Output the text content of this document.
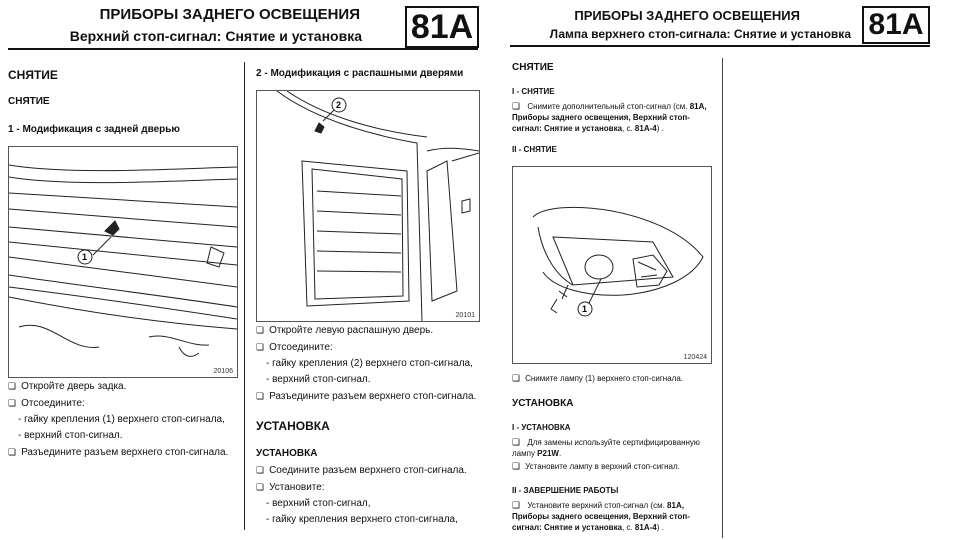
ПРИБОРЫ ЗАДНЕГО ОСВЕЩЕНИЯ
Верхний стоп-сигнал: Снятие и установка 81A
СНЯТИЕ
СНЯТИЕ
1 - Модификация с задней дверью
1
20106
❏ Откройте дверь задка.
❏ Отсоедините:
- гайку крепления (1) верхнего стоп-сигнала,
- верхний стоп-сигнал.
❏ Разъедините разъем верхнего стоп-сигнала.
2 - Модификация с распашными дверями
2
20101
❏ Откройте левую распашную дверь.
❏ Отсоедините:
- гайку крепления (2) верхнего стоп-сигнала,
- верхний стоп-сигнал.
❏ Разъедините разъем верхнего стоп-сигнала.
УСТАНОВКА
УСТАНОВКА
❏ Соедините разъем верхнего стоп-сигнала.
❏ Установите:
- верхний стоп-сигнал,
- гайку крепления верхнего стоп-сигнала,
ПРИБОРЫ ЗАДНЕГО ОСВЕЩЕНИЯ
Лампа верхнего стоп-сигнала: Снятие и установка 81A
СНЯТИЕ
I - СНЯТИЕ
❏ Снимите дополнительный стоп-сигнал (см. 81A, Приборы заднего освещения, Верхний стоп-сигнал: Снятие и установка, с. 81A-4) .
II - СНЯТИЕ
1
120424
❏ Снимите лампу (1) верхнего стоп-сигнала.
УСТАНОВКА
I - УСТАНОВКА
❏ Для замены используйте сертифицированную лампу P21W.
❏ Установите лампу в верхний стоп-сигнал.
II - ЗАВЕРШЕНИЕ РАБОТЫ
❏ Установите верхний стоп-сигнал (см. 81A, Приборы заднего освещения, Верхний стоп-сигнал: Снятие и установка, с. 81A-4) .
